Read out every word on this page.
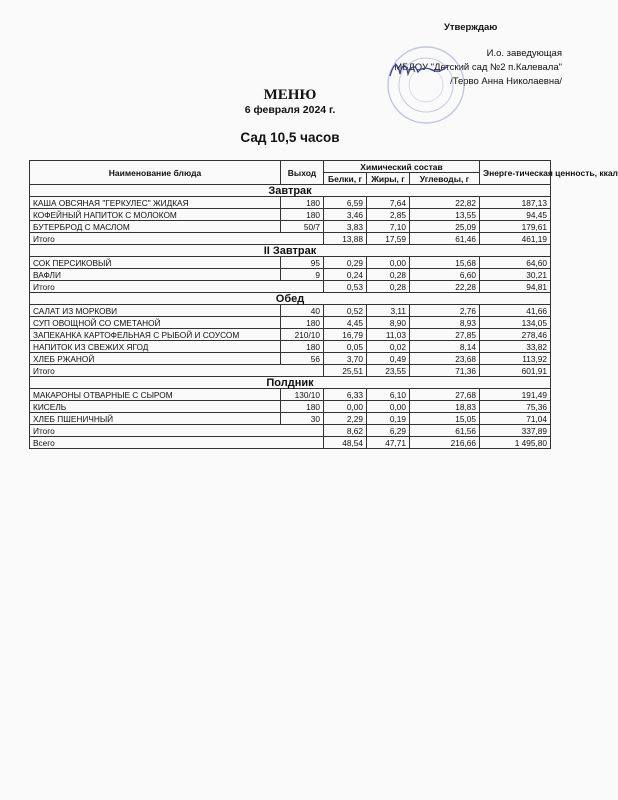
Утверждаю
И.о. заведующая
МБДОУ "Детский сад №2 п.Калевала"
/Терво Анна Николаевна/
МЕНЮ
6 февраля 2024 г.
Сад 10,5 часов
Наименование блюда	Выход	Химический состав			Энерге-тическая ценность, ккал
		Белки, г	Жиры, г	Углеводы, г	
Завтрак					
КАША ОВСЯНАЯ "ГЕРКУЛЕС" ЖИДКАЯ	180	6,59	7,64	22,82	187,13
КОФЕЙНЫЙ НАПИТОК С МОЛОКОМ	180	3,46	2,85	13,55	94,45
БУТЕРБРОД С МАСЛОМ	50/7	3,83	7,10	25,09	179,61
Итого		13,88	17,59	61,46	461,19
II Завтрак					
СОК ПЕРСИКОВЫЙ	95	0,29	0,00	15,68	64,60
ВАФЛИ	9	0,24	0,28	6,60	30,21
Итого		0,53	0,28	22,28	94,81
Обед					
САЛАТ ИЗ МОРКОВИ	40	0,52	3,11	2,76	41,66
СУП ОВОЩНОЙ СО СМЕТАНОЙ	180	4,45	8,90	8,93	134,05
ЗАПЕКАНКА КАРТОФЕЛЬНАЯ С РЫБОЙ И СОУСОМ	210/10	16,79	11,03	27,85	278,46
НАПИТОК ИЗ СВЕЖИХ ЯГОД	180	0,05	0,02	8,14	33,82
ХЛЕБ РЖАНОЙ	56	3,70	0,49	23,68	113,92
Итого		25,51	23,55	71,36	601,91
Полдник					
МАКАРОНЫ ОТВАРНЫЕ С СЫРОМ	130/10	6,33	6,10	27,68	191,49
КИСЕЛЬ	180	0,00	0,00	18,83	75,36
ХЛЕБ ПШЕНИЧНЫЙ	30	2,29	0,19	15,05	71,04
Итого		8,62	6,29	61,56	337,89
Всего		48,54	47,71	216,66	1 495,80
